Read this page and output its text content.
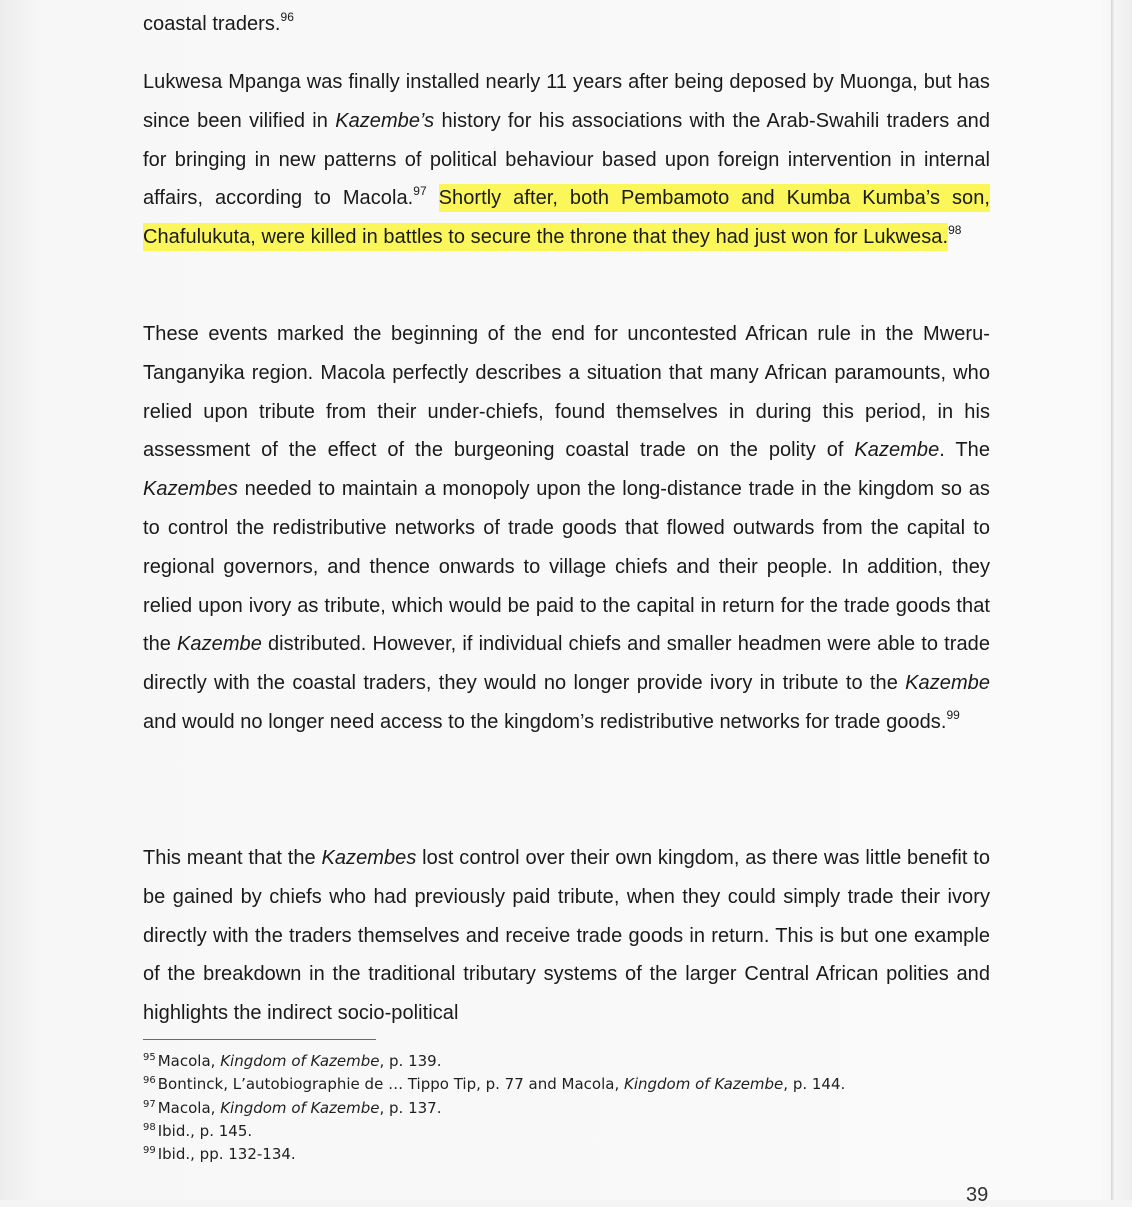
coastal traders.$^{96}$

Lukwesa Mpanga was finally installed nearly 11 years after being deposed by Muonga, but has since been vilified in Kazembe’s history for his associations with the Arab-Swahili traders and for bringing in new patterns of political behaviour based upon foreign intervention in internal affairs, according to Macola.$^{97}$ Shortly after, both Pembamoto and Kumba Kumba’s son, Chafulukuta, were killed in battles to secure the throne that they had just won for Lukwesa.$^{98}$

These events marked the beginning of the end for uncontested African rule in the Mweru-Tanganyika region. Macola perfectly describes a situation that many African paramounts, who relied upon tribute from their under-chiefs, found themselves in during this period, in his assessment of the effect of the burgeoning coastal trade on the polity of Kazembe. The Kazembes needed to maintain a monopoly upon the long-distance trade in the kingdom so as to control the redistributive networks of trade goods that flowed outwards from the capital to regional governors, and thence onwards to village chiefs and their people. In addition, they relied upon ivory as tribute, which would be paid to the capital in return for the trade goods that the Kazembe distributed. However, if individual chiefs and smaller headmen were able to trade directly with the coastal traders, they would no longer provide ivory in tribute to the Kazembe and would no longer need access to the kingdom’s redistributive networks for trade goods.$^{99}$

This meant that the Kazembes lost control over their own kingdom, as there was little benefit to be gained by chiefs who had previously paid tribute, when they could simply trade their ivory directly with the traders themselves and receive trade goods in return. This is but one example of the breakdown in the traditional tributary systems of the larger Central African polities and highlights the indirect socio-political

$^{95}$ Macola, Kingdom of Kazembe, p. 139.
$^{96}$ Bontinck, L’autobiographie de … Tippo Tip, p. 77 and Macola, Kingdom of Kazembe, p. 144.
$^{97}$ Macola, Kingdom of Kazembe, p. 137.
$^{98}$ Ibid., p. 145.
$^{99}$ Ibid., pp. 132-134.
39
